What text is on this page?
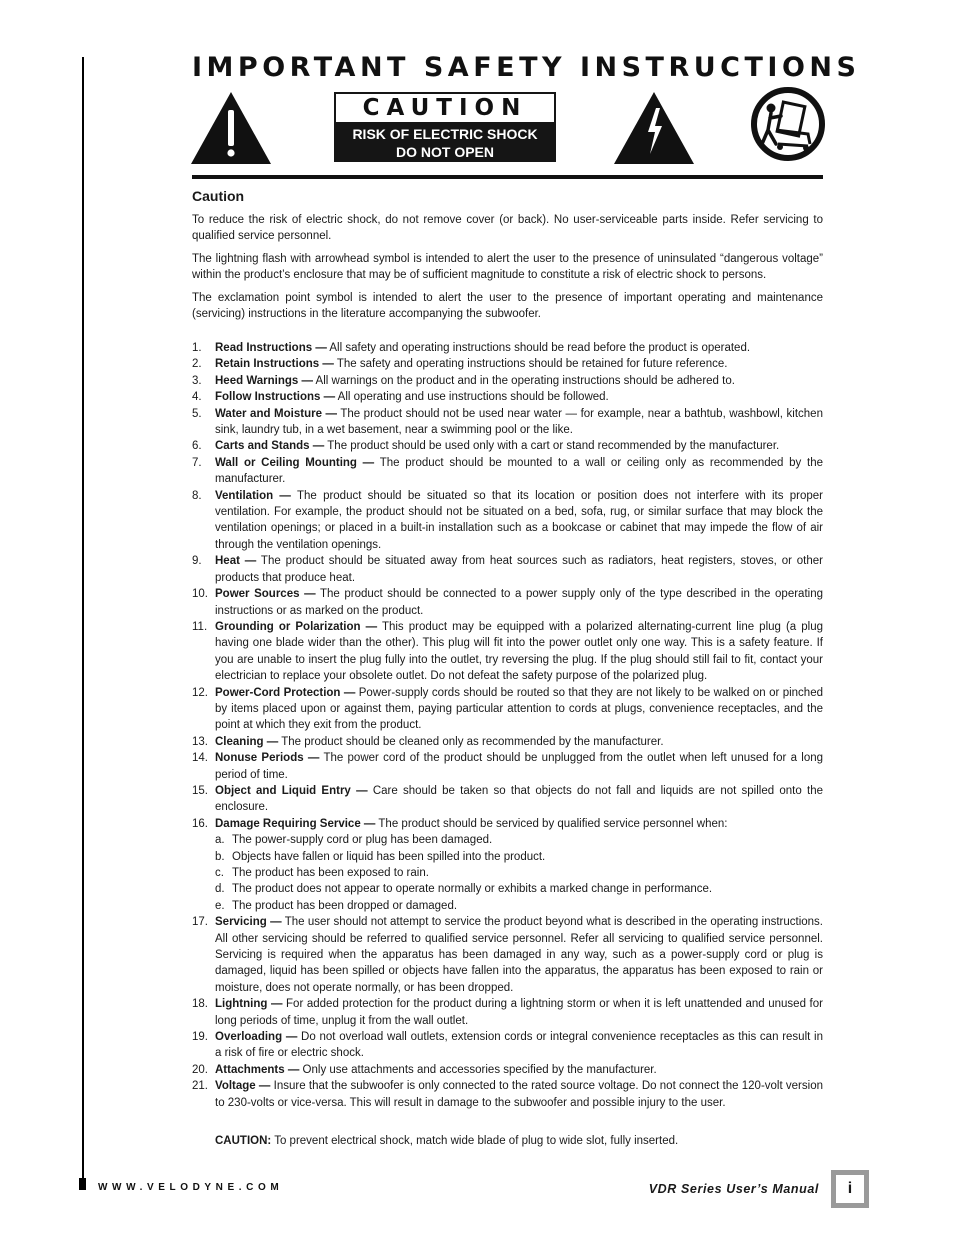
IMPORTANT SAFETY INSTRUCTIONS
CAUTION
RISK OF ELECTRIC SHOCK
DO NOT OPEN
Caution

To reduce the risk of electric shock, do not remove cover (or back). No user-serviceable parts inside. Refer servicing to qualified service personnel.

The lightning flash with arrowhead symbol is intended to alert the user to the presence of uninsulated “dangerous voltage” within the product’s enclosure that may be of sufficient magnitude to constitute a risk of electric shock to persons.

The exclamation point symbol is intended to alert the user to the presence of important operating and maintenance (servicing) instructions in the literature accompanying the subwoofer.

1. Read Instructions — All safety and operating instructions should be read before the product is operated.
2. Retain Instructions — The safety and operating instructions should be retained for future reference.
3. Heed Warnings — All warnings on the product and in the operating instructions should be adhered to.
4. Follow Instructions — All operating and use instructions should be followed.
5. Water and Moisture — The product should not be used near water — for example, near a bathtub, washbowl, kitchen sink, laundry tub, in a wet basement, near a swimming pool or the like.
6. Carts and Stands — The product should be used only with a cart or stand recommended by the manufacturer.
7. Wall or Ceiling Mounting — The product should be mounted to a wall or ceiling only as recommended by the manufacturer.
8. Ventilation — The product should be situated so that its location or position does not interfere with its proper ventilation. For example, the product should not be situated on a bed, sofa, rug, or similar surface that may block the ventilation openings; or placed in a built-in installation such as a bookcase or cabinet that may impede the flow of air through the ventilation openings.
9. Heat — The product should be situated away from heat sources such as radiators, heat registers, stoves, or other products that produce heat.
10. Power Sources — The product should be connected to a power supply only of the type described in the operating instructions or as marked on the product.
11. Grounding or Polarization — This product may be equipped with a polarized alternating-current line plug (a plug having one blade wider than the other). This plug will fit into the power outlet only one way. This is a safety feature. If you are unable to insert the plug fully into the outlet, try reversing the plug. If the plug should still fail to fit, contact your electrician to replace your obsolete outlet. Do not defeat the safety purpose of the polarized plug.
12. Power-Cord Protection — Power-supply cords should be routed so that they are not likely to be walked on or pinched by items placed upon or against them, paying particular attention to cords at plugs, convenience receptacles, and the point at which they exit from the product.
13. Cleaning — The product should be cleaned only as recommended by the manufacturer.
14. Nonuse Periods — The power cord of the product should be unplugged from the outlet when left unused for a long period of time.
15. Object and Liquid Entry — Care should be taken so that objects do not fall and liquids are not spilled onto the enclosure.
16. Damage Requiring Service — The product should be serviced by qualified service personnel when:
a. The power-supply cord or plug has been damaged.
b. Objects have fallen or liquid has been spilled into the product.
c. The product has been exposed to rain.
d. The product does not appear to operate normally or exhibits a marked change in performance.
e. The product has been dropped or damaged.
17. Servicing — The user should not attempt to service the product beyond what is described in the operating instructions. All other servicing should be referred to qualified service personnel. Refer all servicing to qualified service personnel. Servicing is required when the apparatus has been damaged in any way, such as a power-supply cord or plug is damaged, liquid has been spilled or objects have fallen into the apparatus, the apparatus has been exposed to rain or moisture, does not operate normally, or has been dropped.
18. Lightning — For added protection for the product during a lightning storm or when it is left unattended and unused for long periods of time, unplug it from the wall outlet.
19. Overloading — Do not overload wall outlets, extension cords or integral convenience receptacles as this can result in a risk of fire or electric shock.
20. Attachments — Only use attachments and accessories specified by the manufacturer.
21. Voltage — Insure that the subwoofer is only connected to the rated source voltage. Do not connect the 120-volt version to 230-volts or vice-versa. This will result in damage to the subwoofer and possible injury to the user.
CAUTION: To prevent electrical shock, match wide blade of plug to wide slot, fully inserted.
WWW.VELODYNE.COM	VDR Series User’s Manual	i
